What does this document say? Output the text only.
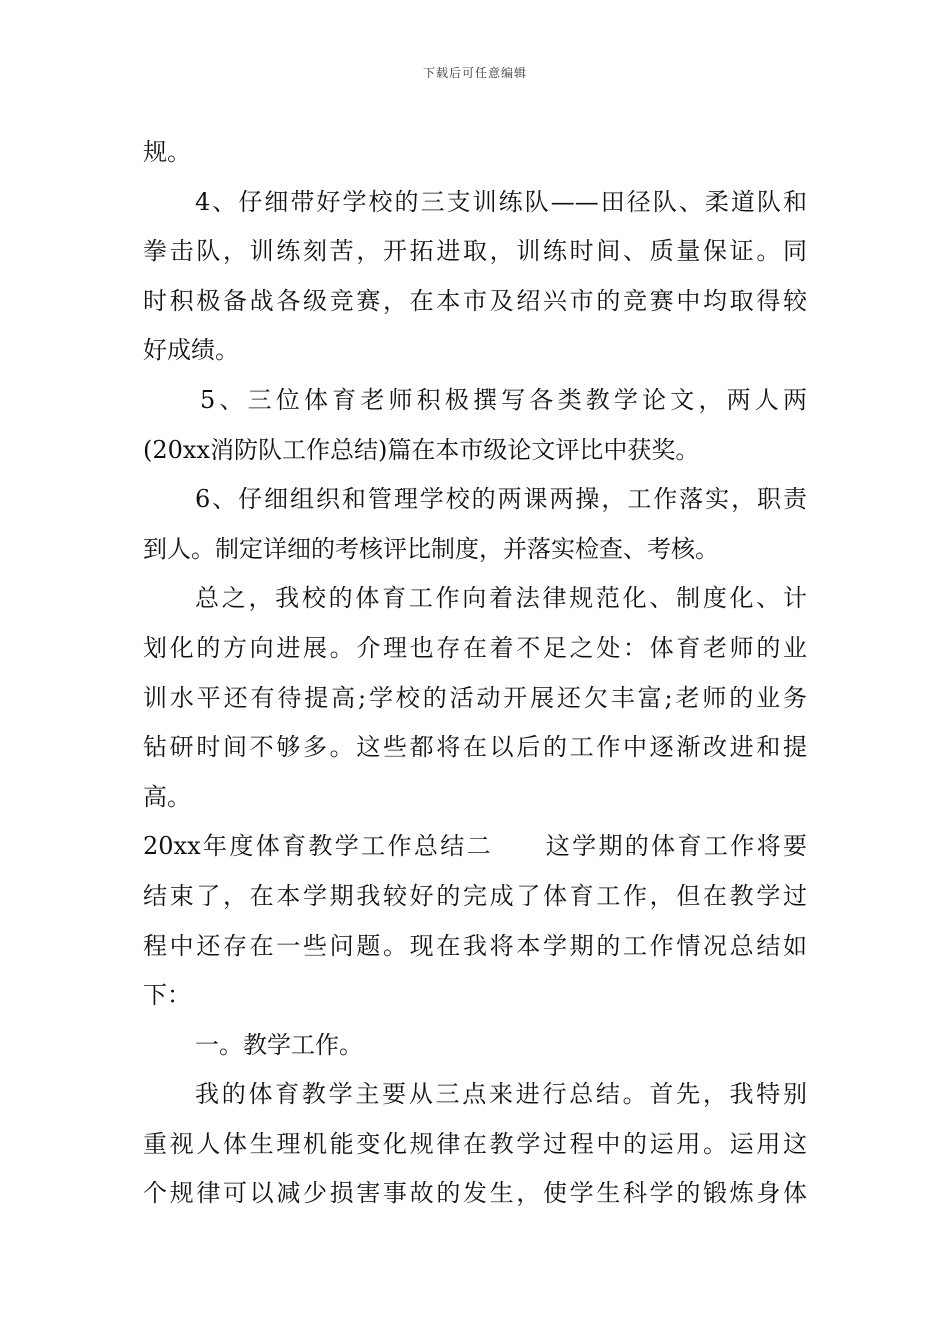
下载后可任意编辑
规。
4、仔细带好学校的三支训练队——田径队、柔道队和
拳击队，训练刻苦，开拓进取，训练时间、质量保证。同
时积极备战各级竞赛，在本市及绍兴市的竞赛中均取得较
好成绩。
5、三位体育老师积极撰写各类教学论文，两人两
(20xx消防队工作总结)篇在本市级论文评比中获奖。
6、仔细组织和管理学校的两课两操，工作落实，职责
到人。制定详细的考核评比制度，并落实检查、考核。
总之，我校的体育工作向着法律规范化、制度化、计
划化的方向进展。介理也存在着不足之处：体育老师的业
训水平还有待提高;学校的活动开展还欠丰富;老师的业务
钻研时间不够多。这些都将在以后的工作中逐渐改进和提
高。
20xx年度体育教学工作总结二　　这学期的体育工作将要
结束了，在本学期我较好的完成了体育工作，但在教学过
程中还存在一些问题。现在我将本学期的工作情况总结如
下：
一。教学工作。
我的体育教学主要从三点来进行总结。首先，我特别
重视人体生理机能变化规律在教学过程中的运用。运用这
个规律可以减少损害事故的发生，使学生科学的锻炼身体
